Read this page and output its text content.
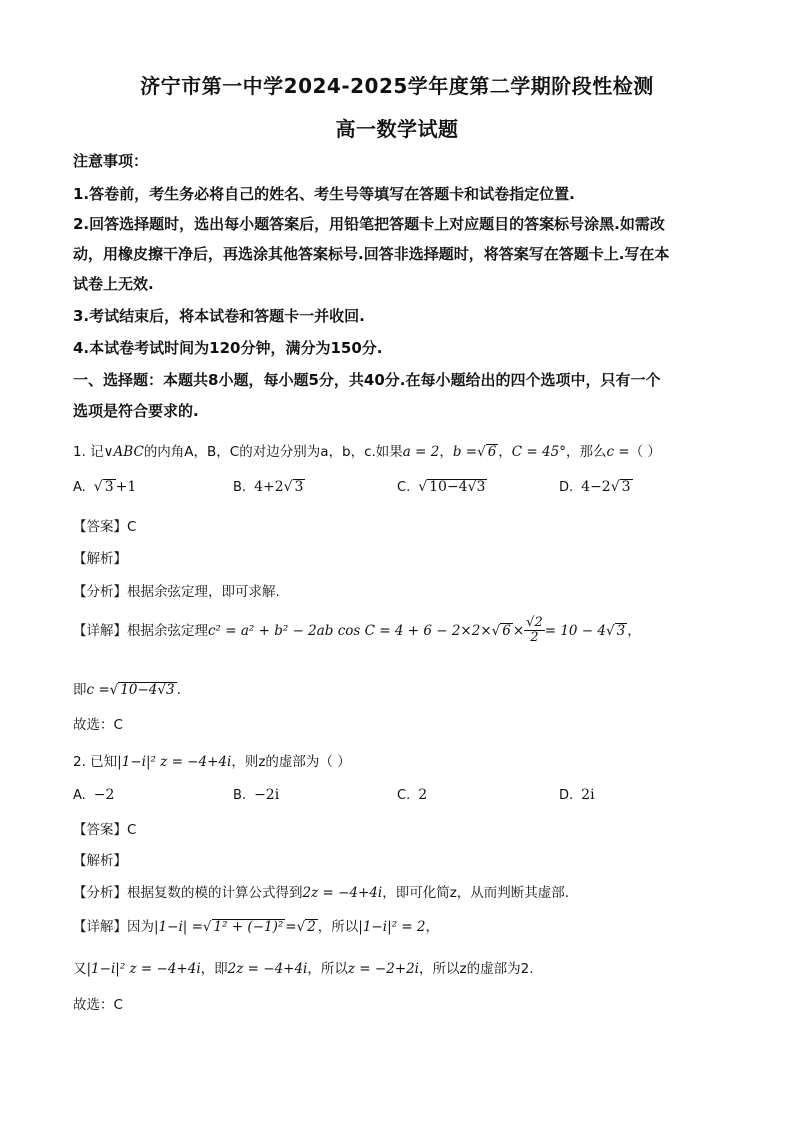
济宁市第一中学2024-2025学年度第二学期阶段性检测
高一数学试题
注意事项：
1.答卷前，考生务必将自己的姓名、考生号等填写在答题卡和试卷指定位置.
2.回答选择题时，选出每小题答案后，用铅笔把答题卡上对应题目的答案标号涂黑.如需改
动，用橡皮擦干净后，再选涂其他答案标号.回答非选择题时，将答案写在答题卡上.写在本
试卷上无效.
3.考试结束后，将本试卷和答题卡一并收回.
4.本试卷考试时间为120分钟，满分为150分.
一、选择题：本题共8小题，每小题5分，共40分.在每小题给出的四个选项中，只有一个
选项是符合要求的.
1. 记∨ABC的内角A，B，C的对边分别为a，b，c.如果a = 2，b =√ 6 ，C = 45°，那么c =（ ）
A. √ 3 +1	B. 4+2√ 3	C. √ 10−4√3	D. 4−2√ 3
【答案】C
【解析】
【分析】根据余弦定理，即可求解.
【详解】根据余弦定理c² = a² + b² − 2ab cos C = 4 + 6 − 2×2×√ $6 \times \frac{√2}{2} = 10 - 4√$ 3 ，
即c =√ 10−4√3 .
故选：C
2. 已知|1−i|² z = −4+4i，则z的虚部为（ ）
A. −2	B. −2i	C. 2	D. 2i
【答案】C
【解析】
【分析】根据复数的模的计算公式得到2z = −4+4i，即可化简z，从而判断其虚部.
【详解】因为|1−i| =√ 1² + (−1)² =√ 2 ，所以|1−i|² = 2，
又|1−i|² z = −4+4i，即2z = −4+4i，所以z = −2+2i，所以z的虚部为2.
故选：C
